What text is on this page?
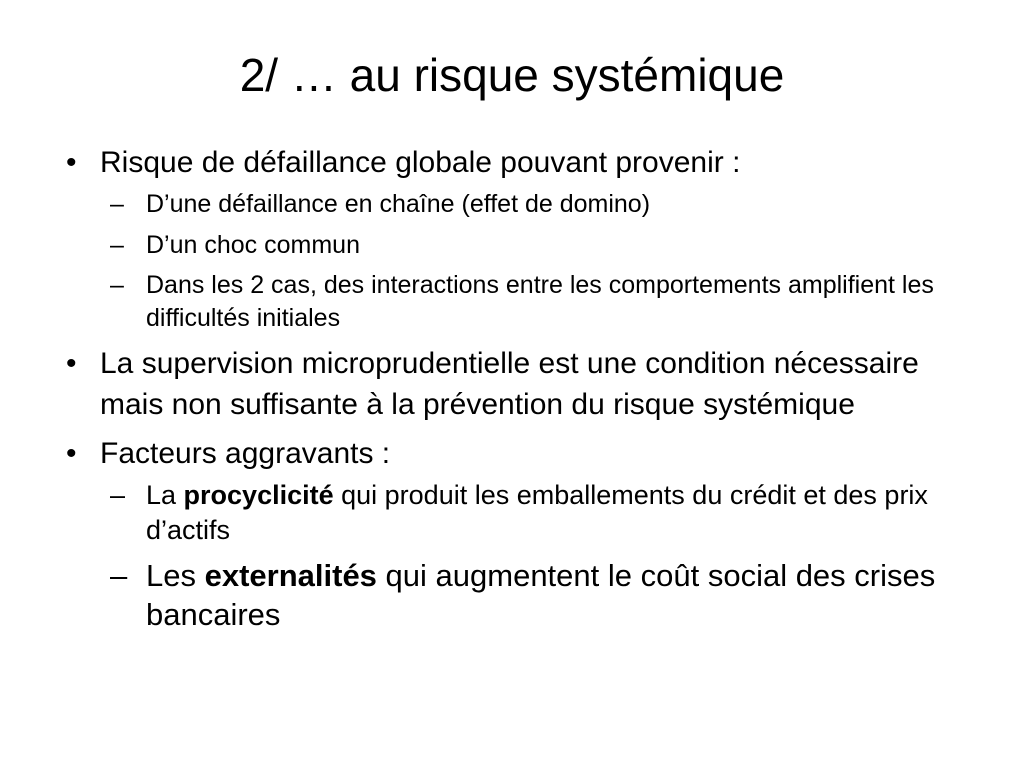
2/ … au risque systémique
• Risque de défaillance globale pouvant provenir :
– D’une défaillance en chaîne (effet de domino)
– D’un choc commun
– Dans les 2 cas, des interactions entre les comportements amplifient les difficultés initiales
• La supervision microprudentielle est une condition nécessaire mais non suffisante à la prévention du risque systémique
• Facteurs aggravants :
– La procyclicité qui produit les emballements du crédit et des prix d’actifs
– Les externalités qui augmentent le coût social des crises bancaires
